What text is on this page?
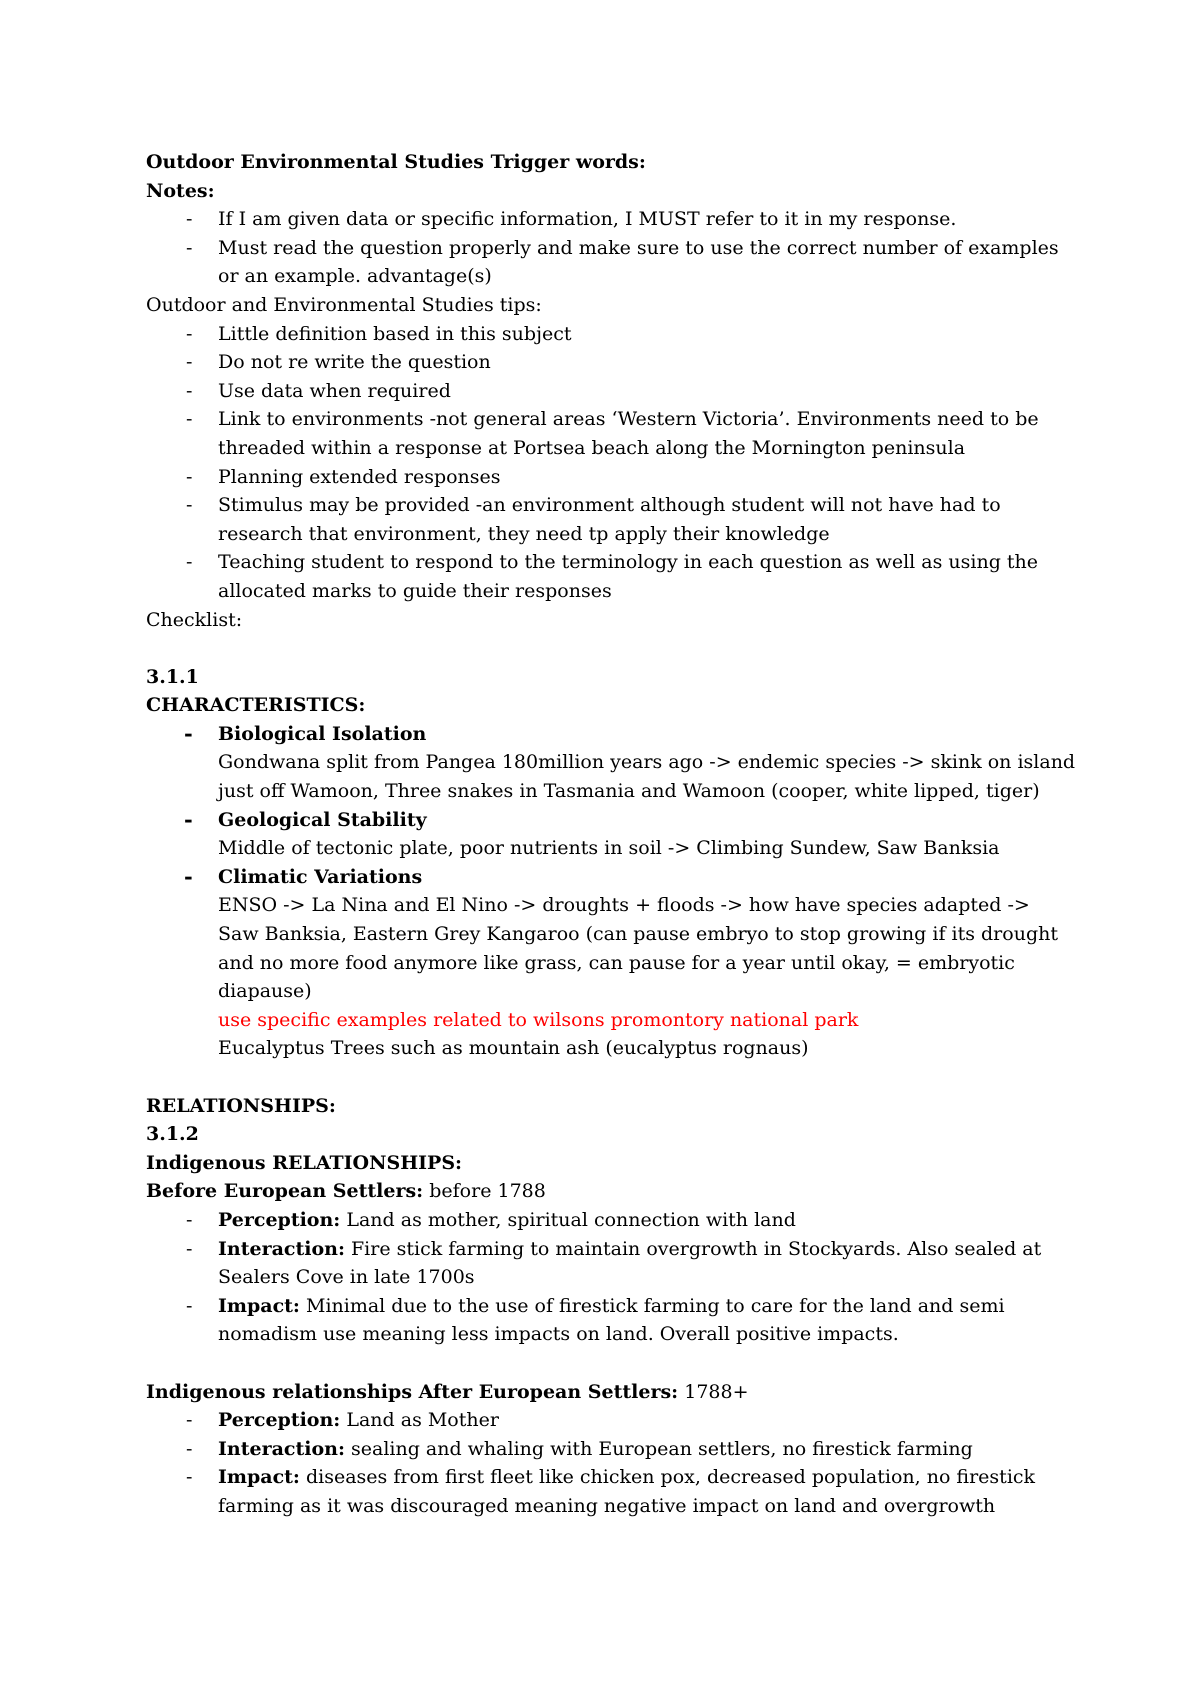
Outdoor Environmental Studies Trigger words:

Notes:

- If I am given data or specific information, I MUST refer to it in my response.
- Must read the question properly and make sure to use the correct number of examples or an example. advantage(s)

Outdoor and Environmental Studies tips:

- Little definition based in this subject
- Do not re write the question
- Use data when required
- Link to environments -not general areas ‘Western Victoria’. Environments need to be threaded within a response at Portsea beach along the Mornington peninsula
- Planning extended responses
- Stimulus may be provided -an environment although student will not have had to research that environment, they need tp apply their knowledge
- Teaching student to respond to the terminology in each question as well as using the allocated marks to guide their responses

Checklist:

3.1.1

CHARACTERISTICS:

- Biological Isolation
Gondwana split from Pangea 180million years ago -> endemic species -> skink on island just off Wamoon, Three snakes in Tasmania and Wamoon (cooper, white lipped, tiger)
- Geological Stability
Middle of tectonic plate, poor nutrients in soil -> Climbing Sundew, Saw Banksia
- Climatic Variations
ENSO -> La Nina and El Nino -> droughts + floods -> how have species adapted -> Saw Banksia, Eastern Grey Kangaroo (can pause embryo to stop growing if its drought and no more food anymore like grass, can pause for a year until okay, = embryotic diapause)
use specific examples related to wilsons promontory national park
Eucalyptus Trees such as mountain ash (eucalyptus rognaus)

RELATIONSHIPS:

3.1.2

Indigenous RELATIONSHIPS:

Before European Settlers: before 1788

- Perception: Land as mother, spiritual connection with land
- Interaction: Fire stick farming to maintain overgrowth in Stockyards. Also sealed at Sealers Cove in late 1700s
- Impact: Minimal due to the use of firestick farming to care for the land and semi nomadism use meaning less impacts on land. Overall positive impacts.

Indigenous relationships After European Settlers: 1788+

- Perception: Land as Mother
- Interaction: sealing and whaling with European settlers, no firestick farming
- Impact: diseases from first fleet like chicken pox, decreased population, no firestick farming as it was discouraged meaning negative impact on land and overgrowth
